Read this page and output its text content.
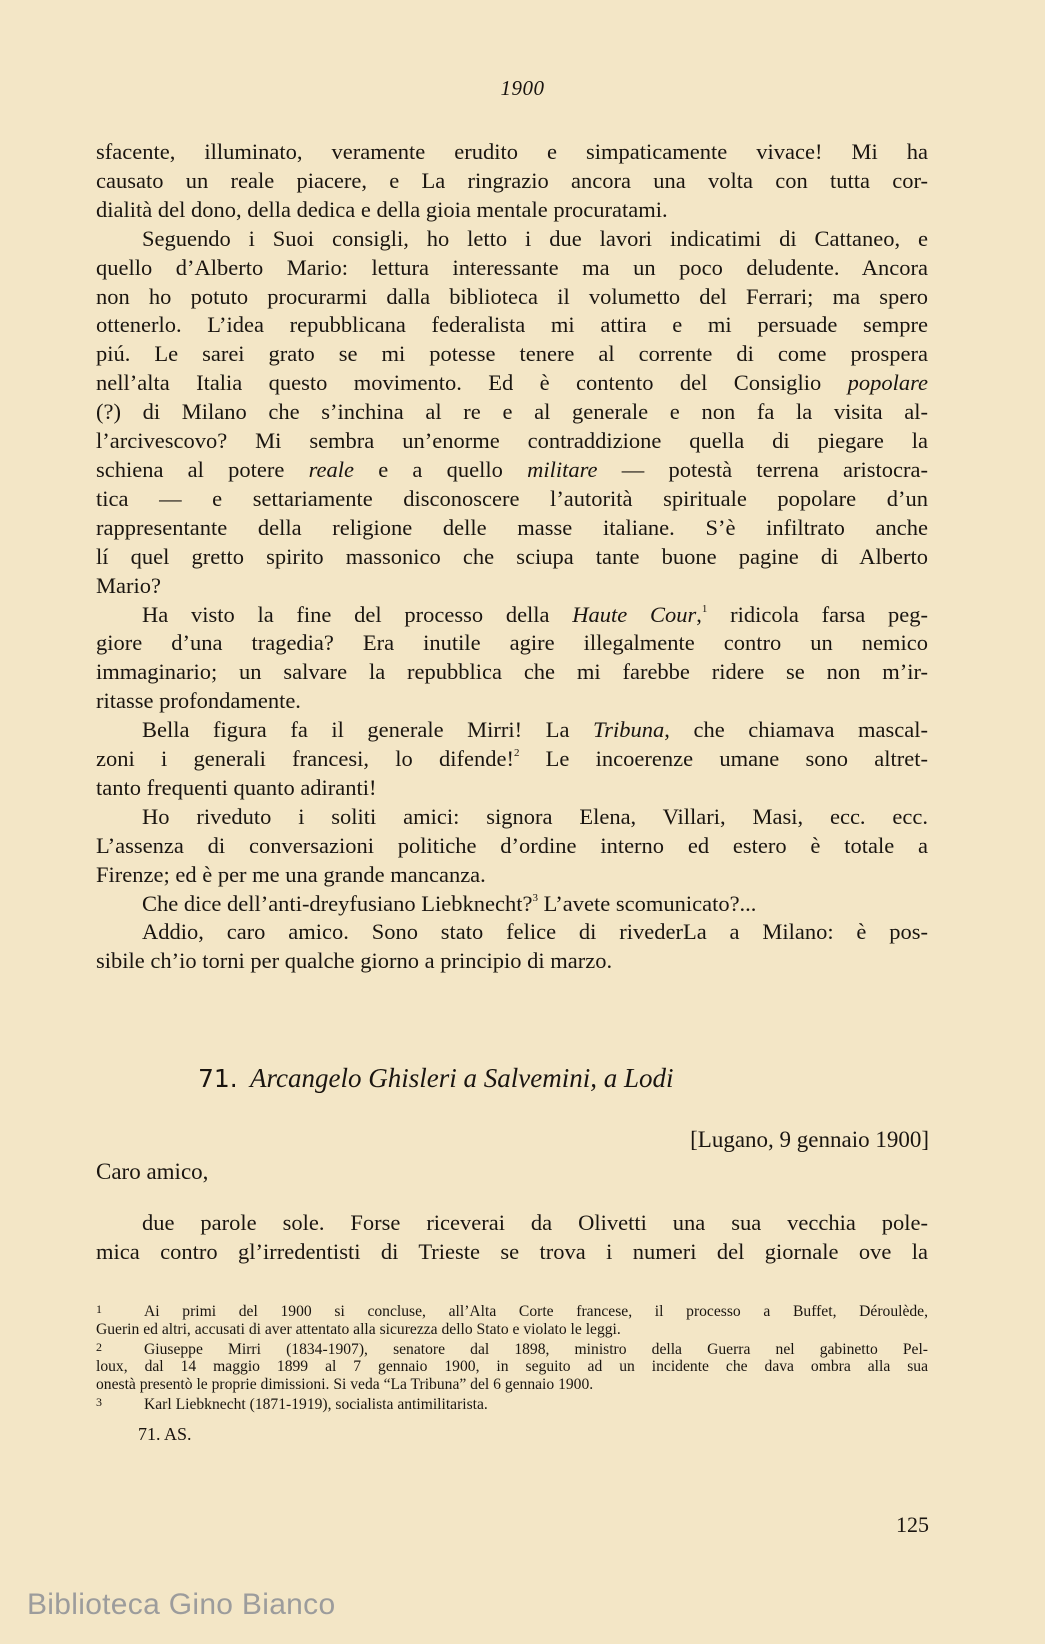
1900
sfacente, illuminato, veramente erudito e simpaticamente vivace! Mi ha
causato un reale piacere, e La ringrazio ancora una volta con tutta cor-
dialità del dono, della dedica e della gioia mentale procuratami.
Seguendo i Suoi consigli, ho letto i due lavori indicatimi di Cattaneo, e
quello d’Alberto Mario: lettura interessante ma un poco deludente. Ancora
non ho potuto procurarmi dalla biblioteca il volumetto del Ferrari; ma spero
ottenerlo. L’idea repubblicana federalista mi attira e mi persuade sempre
piú. Le sarei grato se mi potesse tenere al corrente di come prospera
nell’alta Italia questo movimento. Ed è contento del Consiglio popolare
(?) di Milano che s’inchina al re e al generale e non fa la visita al-
l’arcivescovo? Mi sembra un’enorme contraddizione quella di piegare la
schiena al potere reale e a quello militare — potestà terrena aristocra-
tica — e settariamente disconoscere l’autorità spirituale popolare d’un
rappresentante della religione delle masse italiane. S’è infiltrato anche
lí quel gretto spirito massonico che sciupa tante buone pagine di Alberto
Mario?
Ha visto la fine del processo della Haute Cour,$^1$ ridicola farsa peg-
giore d’una tragedia? Era inutile agire illegalmente contro un nemico
immaginario; un salvare la repubblica che mi farebbe ridere se non m’ir-
ritasse profondamente.
Bella figura fa il generale Mirri! La Tribuna, che chiamava mascal-
zoni i generali francesi, lo difende!$^2$ Le incoerenze umane sono altret-
tanto frequenti quanto adiranti!
Ho riveduto i soliti amici: signora Elena, Villari, Masi, ecc. ecc.
L’assenza di conversazioni politiche d’ordine interno ed estero è totale a
Firenze; ed è per me una grande mancanza.
Che dice dell’anti-dreyfusiano Liebknecht?$^3$ L’avete scomunicato?...
Addio, caro amico. Sono stato felice di rivederLa a Milano: è pos-
sibile ch’io torni per qualche giorno a principio di marzo.
71. Arcangelo Ghisleri a Salvemini, a Lodi
[Lugano, 9 gennaio 1900]
Caro amico,
due parole sole. Forse riceverai da Olivetti una sua vecchia pole-
mica contro gl’irredentisti di Trieste se trova i numeri del giornale ove la
1	Ai primi del 1900 si concluse, all’Alta Corte francese, il processo a Buffet, Déroulède,
Guerin ed altri, accusati di aver attentato alla sicurezza dello Stato e violato le leggi.
2	Giuseppe Mirri (1834-1907), senatore dal 1898, ministro della Guerra nel gabinetto Pel-
loux, dal 14 maggio 1899 al 7 gennaio 1900, in seguito ad un incidente che dava ombra alla sua
onestà presentò le proprie dimissioni. Si veda “La Tribuna” del 6 gennaio 1900.
3	Karl Liebknecht (1871-1919), socialista antimilitarista.
71. AS.
125
Biblioteca Gino Bianco
